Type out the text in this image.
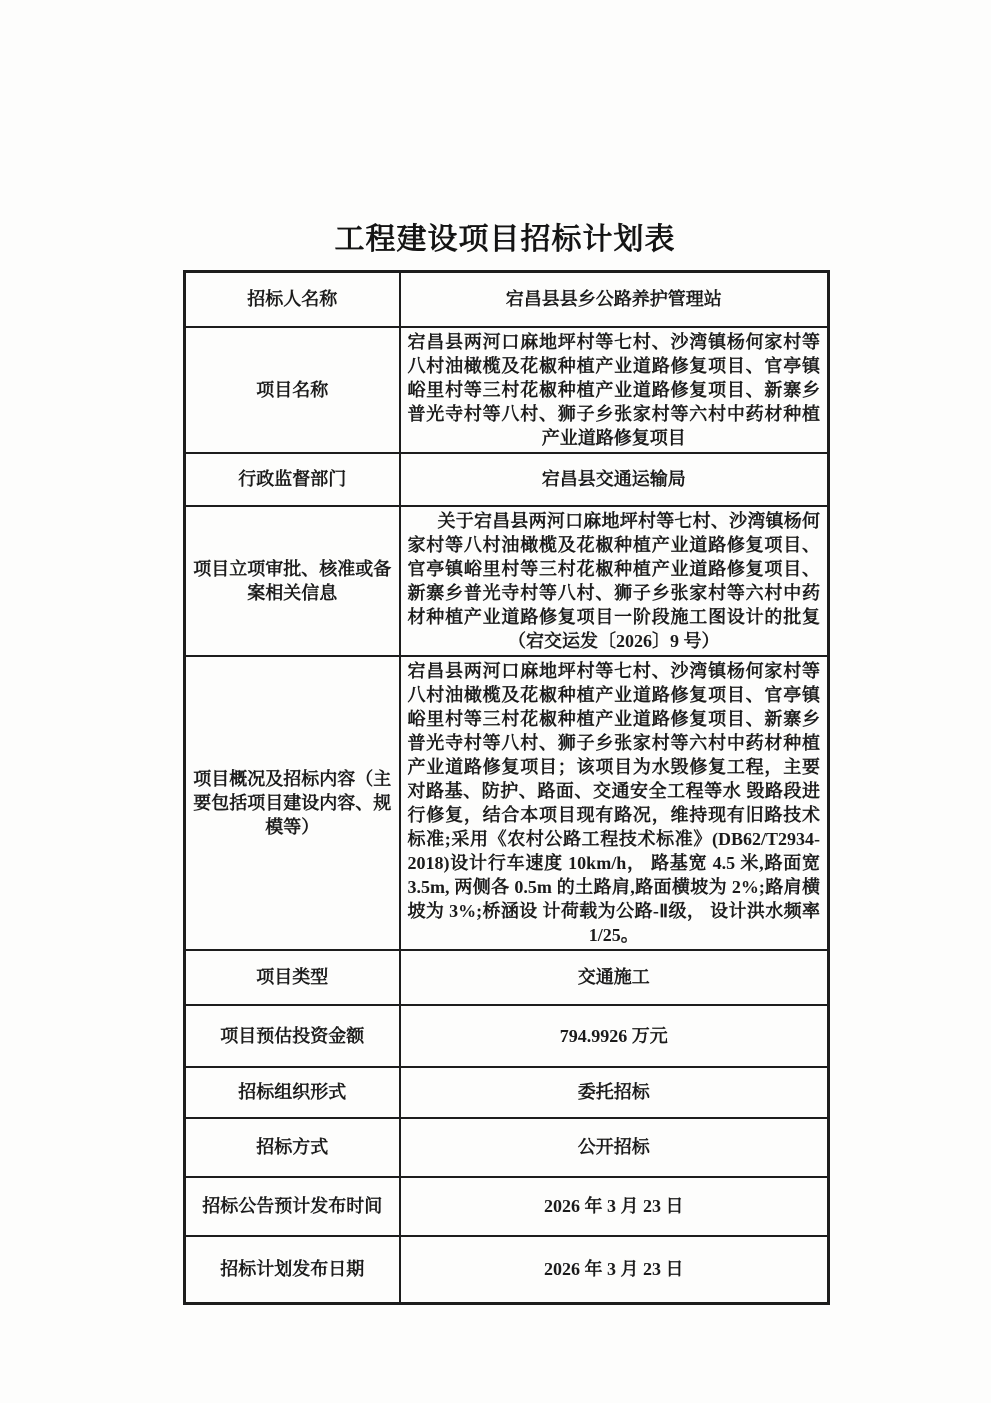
工程建设项目招标计划表
招标人名称	宕昌县县乡公路养护管理站
项目名称	宕昌县两河口麻地坪村等七村、沙湾镇杨何家村等八村油橄榄及花椒种植产业道路修复项目、官亭镇峪里村等三村花椒种植产业道路修复项目、新寨乡普光寺村等八村、狮子乡张家村等六村中药材种植产业道路修复项目
行政监督部门	宕昌县交通运输局
项目立项审批、核准或备案相关信息	关于宕昌县两河口麻地坪村等七村、沙湾镇杨何家村等八村油橄榄及花椒种植产业道路修复项目、官亭镇峪里村等三村花椒种植产业道路修复项目、新寨乡普光寺村等八村、狮子乡张家村等六村中药材种植产业道路修复项目一阶段施工图设计的批复（宕交运发〔2026〕9 号）
项目概况及招标内容（主要包括项目建设内容、规模等）	宕昌县两河口麻地坪村等七村、沙湾镇杨何家村等八村油橄榄及花椒种植产业道路修复项目、官亭镇峪里村等三村花椒种植产业道路修复项目、新寨乡普光寺村等八村、狮子乡张家村等六村中药材种植产业道路修复项目；该项目为水毁修复工程，主要对路基、防护、路面、交通安全工程等水 毁路段进行修复，结合本项目现有路况，维持现有旧路技术标准;采用《农村公路工程技术标准》(DB62/T2934-2018)设计行车速度 10km/h， 路基宽 4.5 米,路面宽 3.5m, 两侧各 0.5m 的土路肩,路面横坡为 2%;路肩横坡为 3%;桥涵设 计荷载为公路-Ⅱ级， 设计洪水频率 1/25。
项目类型	交通施工
项目预估投资金额	794.9926 万元
招标组织形式	委托招标
招标方式	公开招标
招标公告预计发布时间	2026 年 3 月 23 日
招标计划发布日期	2026 年 3 月 23 日
